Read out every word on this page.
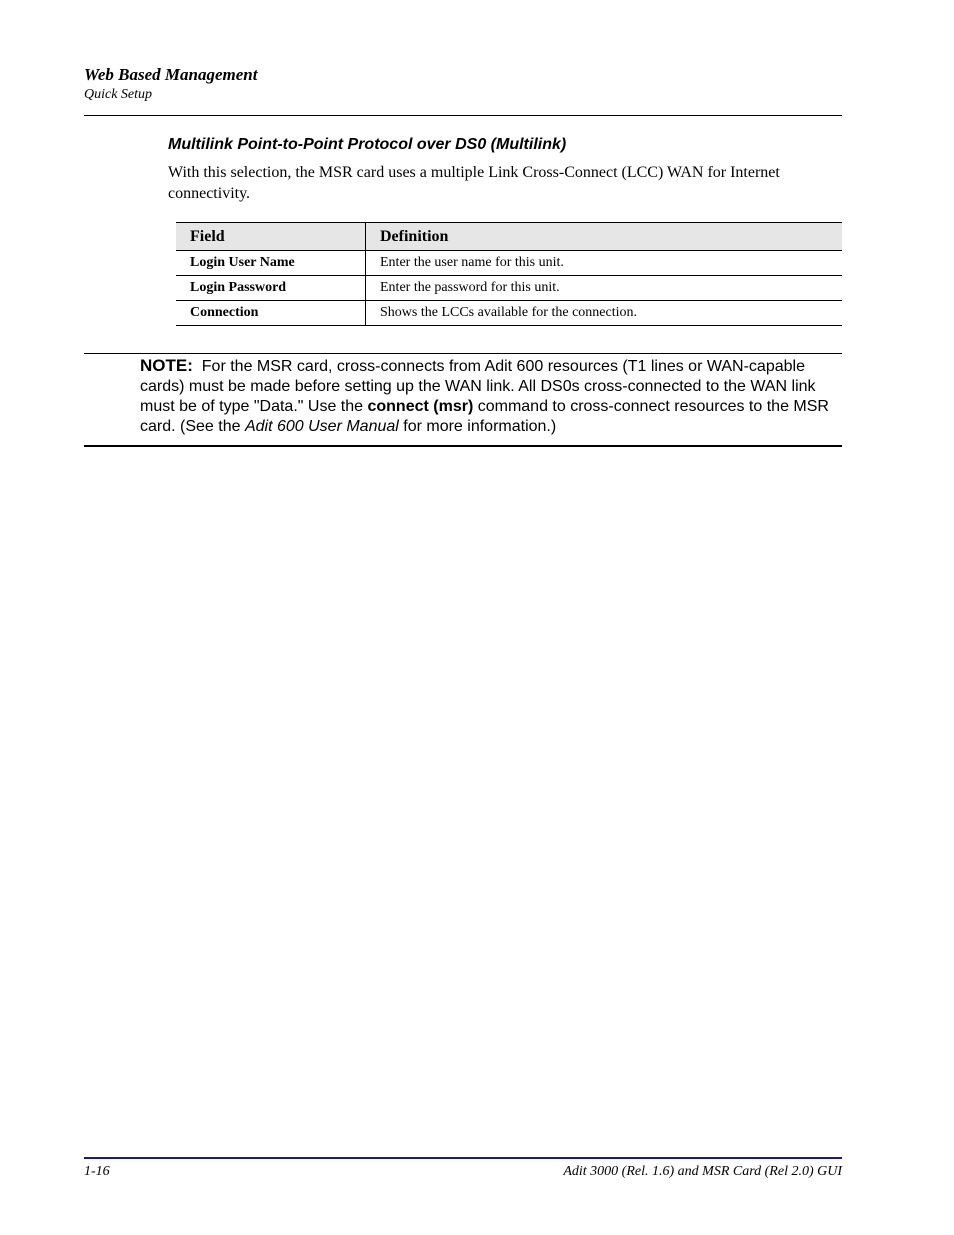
Web Based Management
Quick Setup
Multilink Point-to-Point Protocol over DS0 (Multilink)
With this selection, the MSR card uses a multiple Link Cross-Connect (LCC) WAN for Internet connectivity.
Field	Definition
Login User Name	Enter the user name for this unit.
Login Password	Enter the password for this unit.
Connection	Shows the LCCs available for the connection.
NOTE: For the MSR card, cross-connects from Adit 600 resources (T1 lines or WAN-capable cards) must be made before setting up the WAN link. All DS0s cross-connected to the WAN link must be of type "Data." Use the connect (msr) command to cross-connect resources to the MSR card. (See the Adit 600 User Manual for more information.)
1-16	Adit 3000 (Rel. 1.6) and MSR Card (Rel 2.0) GUI
